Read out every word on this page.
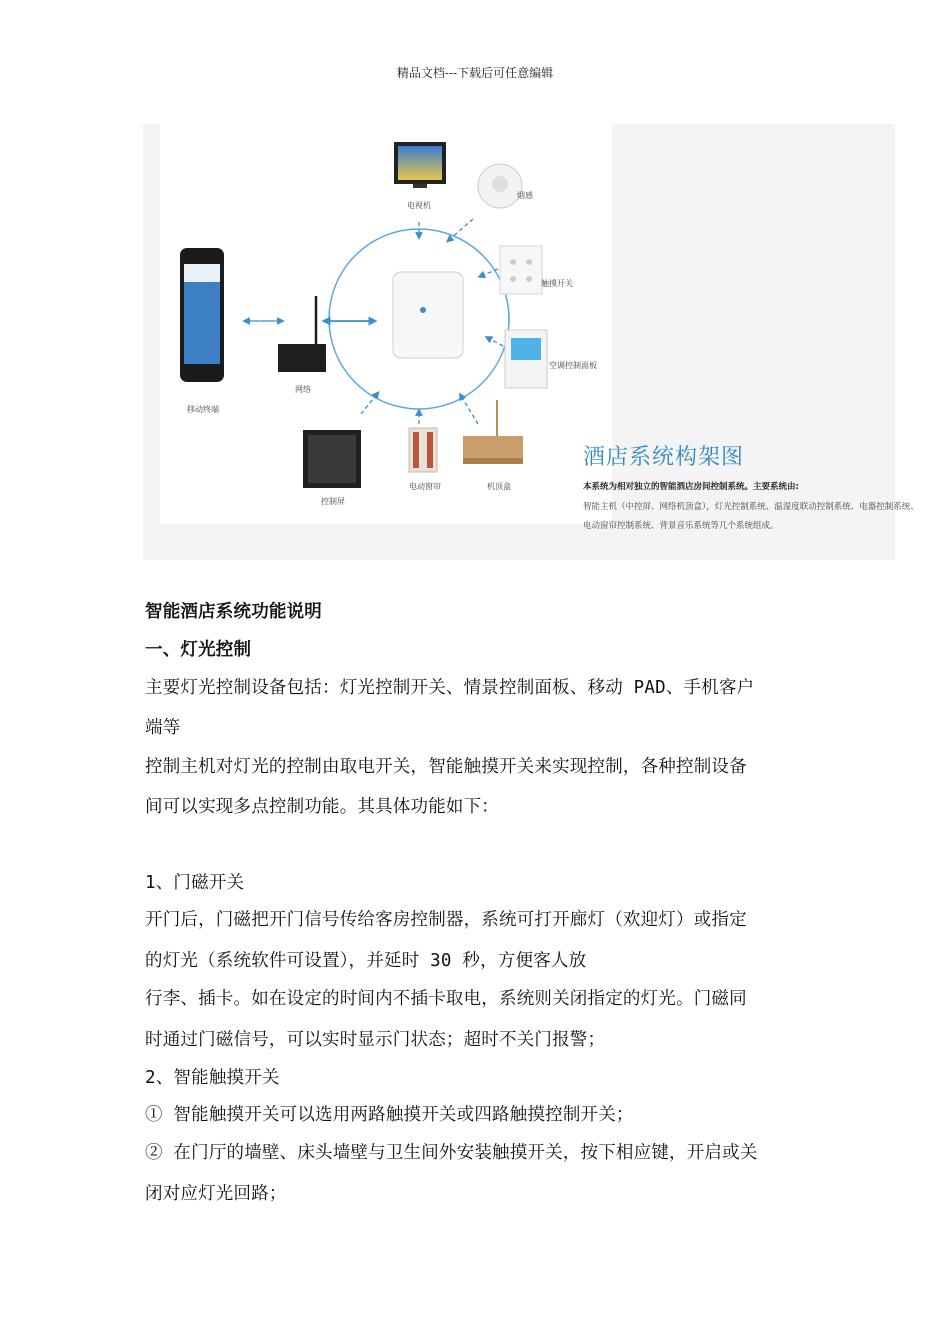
精品文档---下载后可任意编辑
电视机
烟感
触摸开关
空调控制面板
移动终端
网络
控制屏
电动窗帘	机顶盒
酒店系统构架图
本系统为相对独立的智能酒店房间控制系统。主要系统由:
智能主机（中控屏、网络机顶盒），灯光控制系统、温湿度联动控制系统、电器控制系统、
电动窗帘控制系统、背景音乐系统等几个系统组成。
智能酒店系统功能说明
一、灯光控制
主要灯光控制设备包括：灯光控制开关、情景控制面板、移动 PAD、手机客户
端等
控制主机对灯光的控制由取电开关，智能触摸开关来实现控制，各种控制设备
间可以实现多点控制功能。其具体功能如下：
1、门磁开关
开门后，门磁把开门信号传给客房控制器，系统可打开廊灯（欢迎灯）或指定
的灯光（系统软件可设置），并延时 30 秒，方便客人放
行李、插卡。如在设定的时间内不插卡取电，系统则关闭指定的灯光。门磁同
时通过门磁信号，可以实时显示门状态；超时不关门报警；
2、智能触摸开关
① 智能触摸开关可以选用两路触摸开关或四路触摸控制开关；
② 在门厅的墙壁、床头墙壁与卫生间外安装触摸开关，按下相应键，开启或关
闭对应灯光回路；
